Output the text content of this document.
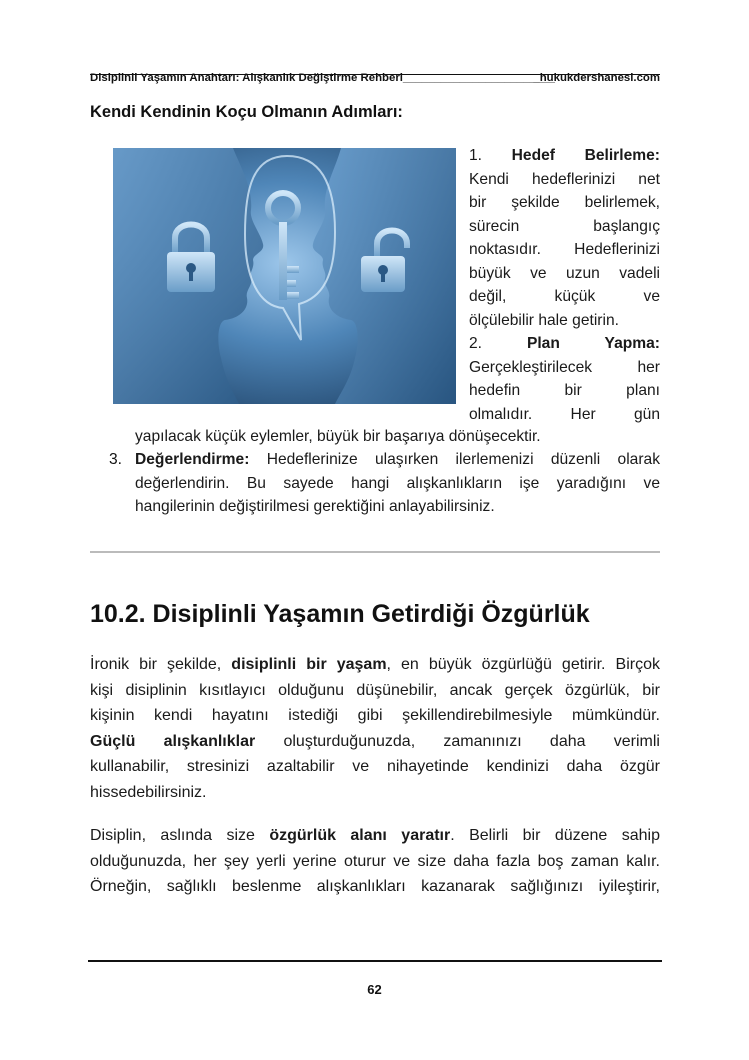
Disiplinli Yaşamın Anahtarı: Alışkanlık Değiştirme Rehberi________________________
_hukukdershanesi.com
Kendi Kendinin Koçu Olmanın Adımları:
1. Hedef Belirleme:
Kendi hedeflerinizi net
bir şekilde belirlemek,
sürecin başlangıç
noktasıdır. Hedeflerinizi
büyük ve uzun vadeli
değil, küçük ve
ölçülebilir hale getirin.
2.	Plan Yapma:
Gerçekleştirilecek her
hedefin bir planı
olmalıdır. Her gün
yapılacak küçük eylemler, büyük bir başarıya dönüşecektir.
3. Değerlendirme: Hedeflerinize ulaşırken ilerlemenizi düzenli olarak
değerlendirin. Bu sayede hangi alışkanlıkların işe yaradığını ve
hangilerinin değiştirilmesi gerektiğini anlayabilirsiniz.
10.2. Disiplinli Yaşamın Getirdiği Özgürlük
İronik bir şekilde, disiplinli bir yaşam, en büyük özgürlüğü getirir. Birçok
kişi disiplinin kısıtlayıcı olduğunu düşünebilir, ancak gerçek özgürlük, bir
kişinin kendi hayatını istediği gibi şekillendirebilmesiyle mümkündür.
Güçlü alışkanlıklar oluşturduğunuzda, zamanınızı daha verimli
kullanabilir, stresinizi azaltabilir ve nihayetinde kendinizi daha özgür
hissedebilirsiniz.
Disiplin, aslında size özgürlük alanı yaratır. Belirli bir düzene sahip
olduğunuzda, her şey yerli yerine oturur ve size daha fazla boş zaman kalır.
Örneğin, sağlıklı beslenme alışkanlıkları kazanarak sağlığınızı iyileştirir,
62
